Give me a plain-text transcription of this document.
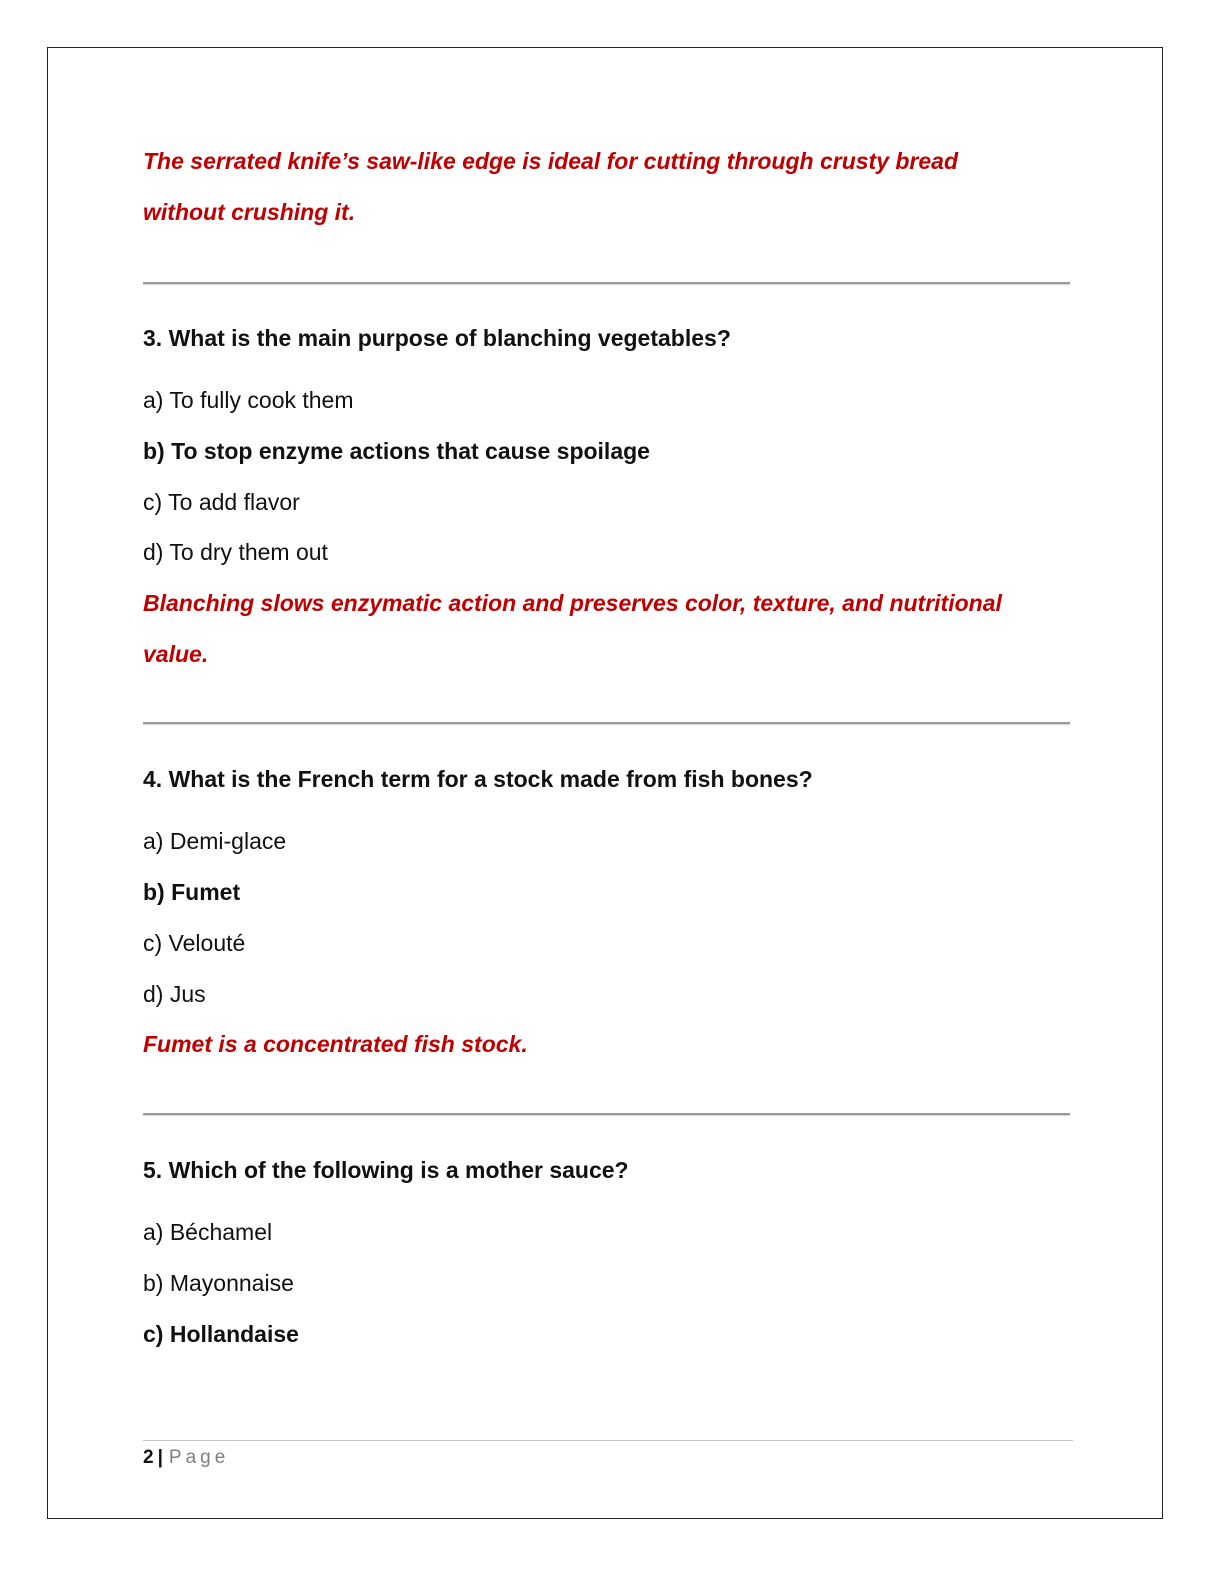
The serrated knife’s saw-like edge is ideal for cutting through crusty bread

without crushing it.

3. What is the main purpose of blanching vegetables?

a) To fully cook them

b) To stop enzyme actions that cause spoilage

c) To add flavor

d) To dry them out

Blanching slows enzymatic action and preserves color, texture, and nutritional

value.

4. What is the French term for a stock made from fish bones?

a) Demi-glace

b) Fumet

c) Velouté

d) Jus

Fumet is a concentrated fish stock.

5. Which of the following is a mother sauce?

a) Béchamel

b) Mayonnaise

c) Hollandaise

2 | Page
